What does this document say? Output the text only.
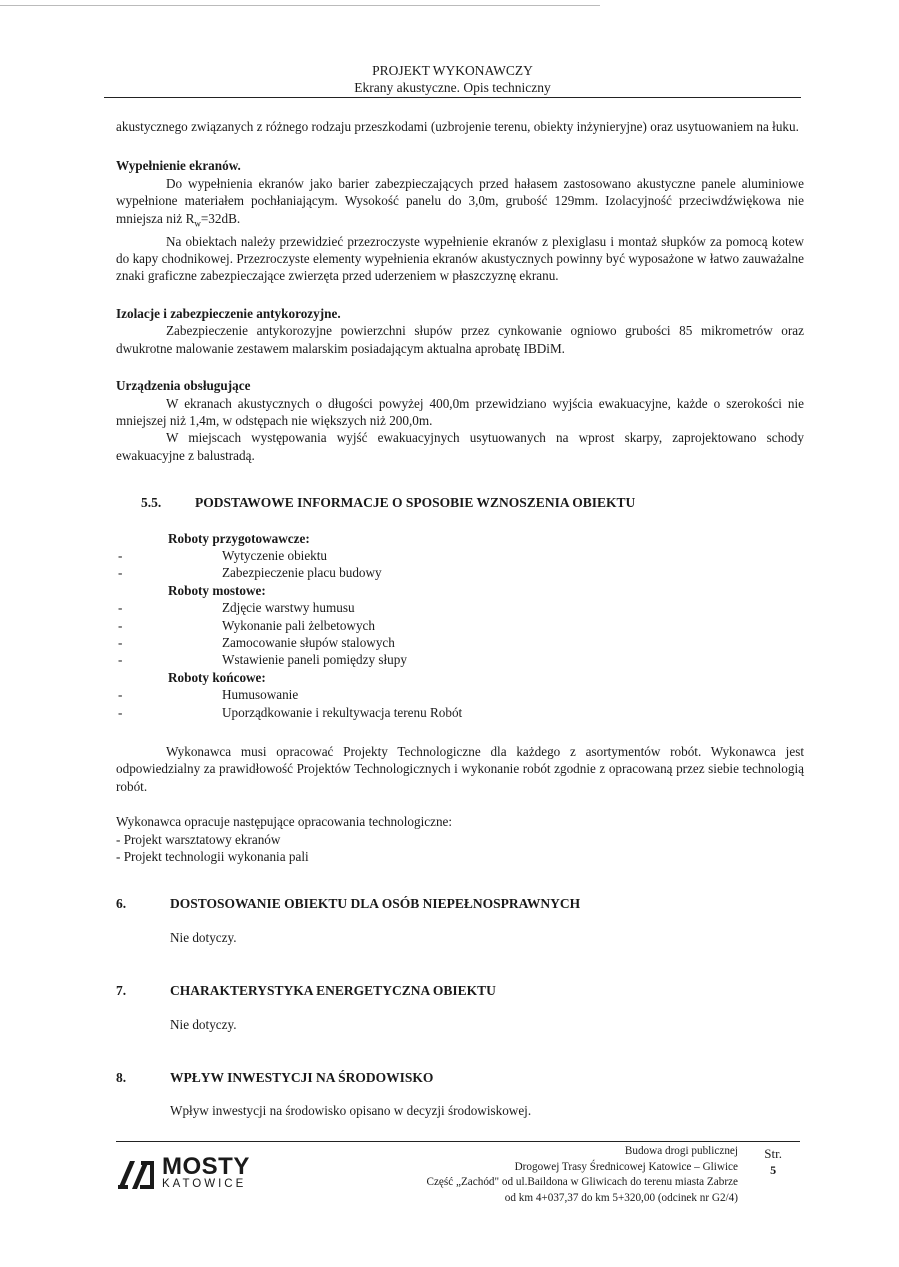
PROJEKT WYKONAWCZY
Ekrany akustyczne. Opis techniczny

akustycznego związanych z różnego rodzaju przeszkodami (uzbrojenie terenu, obiekty inżynieryjne) oraz usytuowaniem na łuku.

Wypełnienie ekranów.

Do wypełnienia ekranów jako barier zabezpieczających przed hałasem zastosowano akustyczne panele aluminiowe wypełnione materiałem pochłaniającym. Wysokość panelu do 3,0m, grubość 129mm. Izolacyjność przeciwdźwiękowa nie mniejsza niż $R_w=32dB$.

Na obiektach należy przewidzieć przezroczyste wypełnienie ekranów z plexiglasu i montaż słupków za pomocą kotew do kapy chodnikowej. Przezroczyste elementy wypełnienia ekranów akustycznych powinny być wyposażone w łatwo zauważalne znaki graficzne zabezpieczające zwierzęta przed uderzeniem w płaszczyznę ekranu.

Izolacje i zabezpieczenie antykorozyjne.

Zabezpieczenie antykorozyjne powierzchni słupów przez cynkowanie ogniowo grubości 85 mikrometrów oraz dwukrotne malowanie zestawem malarskim posiadającym aktualna aprobatę IBDiM.

Urządzenia obsługujące

W ekranach akustycznych o długości powyżej 400,0m przewidziano wyjścia ewakuacyjne, każde o szerokości nie mniejszej niż 1,4m, w odstępach nie większych niż 200,0m.

W miejscach występowania wyjść ewakuacyjnych usytuowanych na wprost skarpy, zaprojektowano schody ewakuacyjne z balustradą.

5.5.	PODSTAWOWE INFORMACJE O SPOSOBIE WZNOSZENIA OBIEKTU
Roboty przygotowawcze:
-	Wytyczenie obiektu
-	Zabezpieczenie placu budowy
Roboty mostowe:
-	Zdjęcie warstwy humusu
-	Wykonanie pali żelbetowych
-	Zamocowanie słupów stalowych
-	Wstawienie paneli pomiędzy słupy
Roboty końcowe:
-	Humusowanie
-	Uporządkowanie i rekultywacja terenu Robót

Wykonawca musi opracować Projekty Technologiczne dla każdego z asortymentów robót. Wykonawca jest odpowiedzialny za prawidłowość Projektów Technologicznych i wykonanie robót zgodnie z opracowaną przez siebie technologią robót.

Wykonawca opracuje następujące opracowania technologiczne:

- Projekt warsztatowy ekranów
- Projekt technologii wykonania pali
6.	DOSTOSOWANIE OBIEKTU DLA OSÓB NIEPEŁNOSPRAWNYCH
Nie dotyczy.
7.	CHARAKTERYSTYKA ENERGETYCZNA OBIEKTU
Nie dotyczy.
8.	WPŁYW INWESTYCJI NA ŚRODOWISKO
Wpływ inwestycji na środowisko opisano w decyzji środowiskowej.
MOSTY
KATOWICE
Budowa drogi publicznej
Drogowej Trasy Średnicowej Katowice – Gliwice
Część „Zachód" od ul.Baildona w Gliwicach do terenu miasta Zabrze
od km 4+037,37 do km 5+320,00 (odcinek nr G2/4)
Str.
5
